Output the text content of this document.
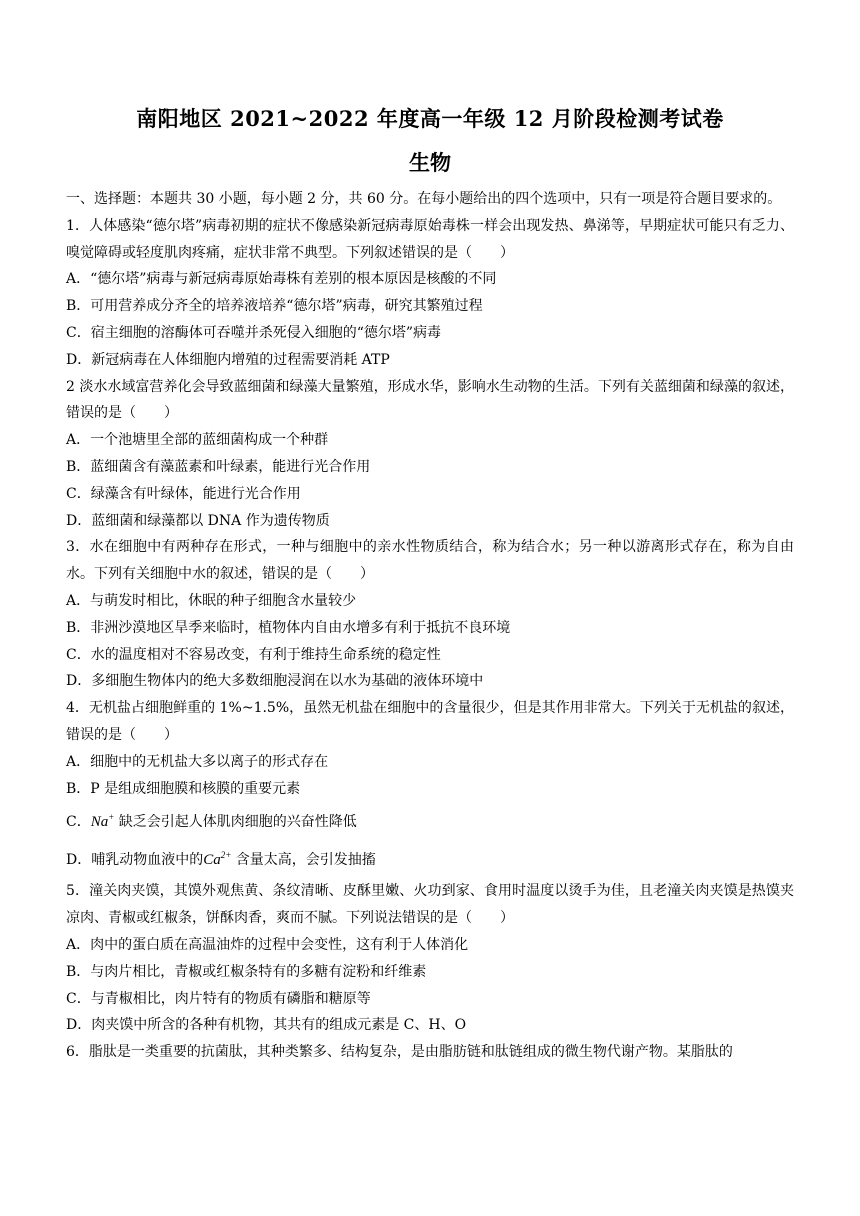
南阳地区 2021~2022 年度高一年级 12 月阶段检测考试卷
生物

一、选择题：本题共 30 小题，每小题 2 分，共 60 分。在每小题给出的四个选项中，只有一项是符合题目要求的。

1．人体感染“德尔塔”病毒初期的症状不像感染新冠病毒原始毒株一样会出现发热、鼻涕等，早期症状可能只有乏力、嗅觉障碍或轻度肌肉疼痛，症状非常不典型。下列叙述错误的是（　　）

A．“德尔塔”病毒与新冠病毒原始毒株有差别的根本原因是核酸的不同

B．可用营养成分齐全的培养液培养“德尔塔”病毒，研究其繁殖过程

C．宿主细胞的溶酶体可吞噬并杀死侵入细胞的“德尔塔”病毒

D．新冠病毒在人体细胞内增殖的过程需要消耗 ATP

2 淡水水域富营养化会导致蓝细菌和绿藻大量繁殖，形成水华，影响水生动物的生活。下列有关蓝细菌和绿藻的叙述，错误的是（　　）

A．一个池塘里全部的蓝细菌构成一个种群

B．蓝细菌含有藻蓝素和叶绿素，能进行光合作用

C．绿藻含有叶绿体，能进行光合作用

D．蓝细菌和绿藻都以 DNA 作为遗传物质

3．水在细胞中有两种存在形式，一种与细胞中的亲水性物质结合，称为结合水；另一种以游离形式存在，称为自由水。下列有关细胞中水的叙述，错误的是（　　）

A．与萌发时相比，休眠的种子细胞含水量较少

B．非洲沙漠地区旱季来临时，植物体内自由水增多有利于抵抗不良环境

C．水的温度相对不容易改变，有利于维持生命系统的稳定性

D．多细胞生物体内的绝大多数细胞浸润在以水为基础的液体环境中

4．无机盐占细胞鲜重的 1%~1.5%，虽然无机盐在细胞中的含量很少，但是其作用非常大。下列关于无机盐的叙述，错误的是（　　）

A．细胞中的无机盐大多以离子的形式存在

B．P 是组成细胞膜和核膜的重要元素

C．Na+ 缺乏会引起人体肌肉细胞的兴奋性降低

D．哺乳动物血液中的$Ca^{2+}$ 含量太高，会引发抽搐

5．潼关肉夹馍，其馍外观焦黄、条纹清晰、皮酥里嫩、火功到家、食用时温度以烫手为佳，且老潼关肉夹馍是热馍夹凉肉、青椒或红椒条，饼酥肉香，爽而不腻。下列说法错误的是（　　）

A．肉中的蛋白质在高温油炸的过程中会变性，这有利于人体消化

B．与肉片相比，青椒或红椒条特有的多糖有淀粉和纤维素

C．与青椒相比，肉片特有的物质有磷脂和糖原等

D．肉夹馍中所含的各种有机物，其共有的组成元素是 C、H、O

6．脂肽是一类重要的抗菌肽，其种类繁多、结构复杂，是由脂肪链和肽链组成的微生物代谢产物。某脂肽的
